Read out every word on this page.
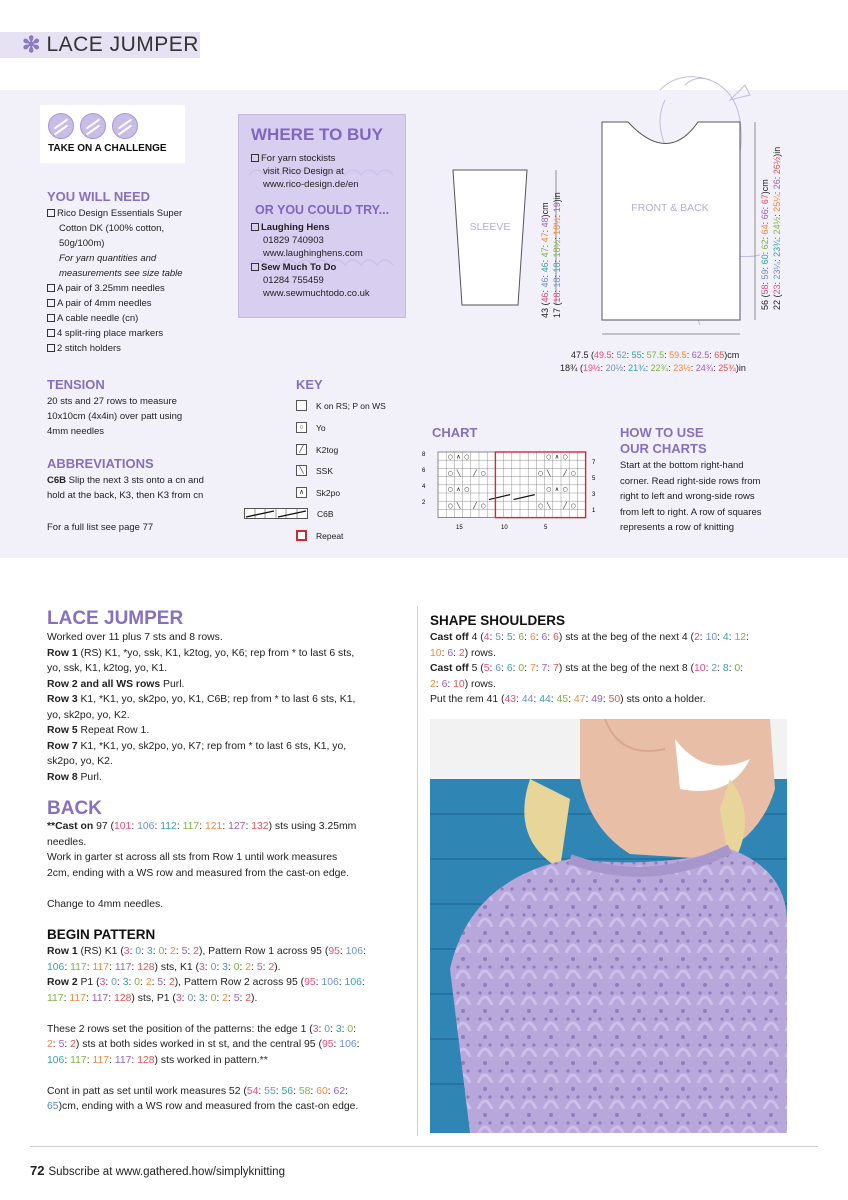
✻ LACE JUMPER
TAKE ON A CHALLENGE
YOU WILL NEED
Rico Design Essentials Super
Cotton DK (100% cotton,
50g/100m)
For yarn quantities and
measurements see size table
A pair of 3.25mm needles
A pair of 4mm needles
A cable needle (cn)
4 split-ring place markers
2 stitch holders
WHERE TO BUY
For yarn stockists
visit Rico Design at
www.rico-design.de/en
OR YOU COULD TRY...
Laughing Hens
01829 740903
www.laughinghens.com
Sew Much To Do
01284 755459
www.sewmuchtodo.co.uk
SLEEVE
FRONT & BACK
43 (46: 46: 46: 47: 47: 48)cm
17 (18: 18: 18: 18½: 18½: 19)in
56 (58: 59: 60: 62: 64: 66: 67)cm
22 (23: 23¼: 23¾: 24½: 25¼: 26: 26½)in
47.5 (49.5: 52: 55: 57.5: 59.5: 62.5: 65)cm
18¾ (19½: 20½: 21¾: 22¾: 23½: 24¾: 25¾)in
TENSION
20 sts and 27 rows to measure
10x10cm (4x4in) over patt using
4mm needles
ABBREVIATIONS
C6B Slip the next 3 sts onto a cn and
hold at the back, K3, then K3 from cn
For a full list see page 77
KEY
K on RS; P on WS
○	Yo
╱	K2tog
╲	SSK
∧	Sk2po
C6B
Repeat
CHART
○ ∧ ○	○ ∧ ○
○ ╲ ╱ ○	○ ╲ ╱ ○
○ ∧ ○	○ ∧ ○
○ ╲ ╱ ○	○ ╲ ╱ ○
8
6
4
2
7
5
3
1
15	10	5
HOW TO USE
OUR CHARTS
Start at the bottom right-hand
corner. Read right-side rows from
right to left and wrong-side rows
from left to right. A row of squares
represents a row of knitting
LACE JUMPER
Worked over 11 plus 7 sts and 8 rows.
Row 1 (RS) K1, *yo, ssk, K1, k2tog, yo, K6; rep from * to last 6 sts,
yo, ssk, K1, k2tog, yo, K1.
Row 2 and all WS rows Purl.
Row 3 K1, *K1, yo, sk2po, yo, K1, C6B; rep from * to last 6 sts, K1,
yo, sk2po, yo, K2.
Row 5 Repeat Row 1.
Row 7 K1, *K1, yo, sk2po, yo, K7; rep from * to last 6 sts, K1, yo,
sk2po, yo, K2.
Row 8 Purl.
BACK
**Cast on 97 (101: 106: 112: 117: 121: 127: 132) sts using 3.25mm
needles.
Work in garter st across all sts from Row 1 until work measures
2cm, ending with a WS row and measured from the cast-on edge.
Change to 4mm needles.
BEGIN PATTERN
Row 1 (RS) K1 (3: 0: 3: 0: 2: 5: 2), Pattern Row 1 across 95 (95: 106:
106: 117: 117: 117: 128) sts, K1 (3: 0: 3: 0: 2: 5: 2).
Row 2 P1 (3: 0: 3: 0: 2: 5: 2), Pattern Row 2 across 95 (95: 106: 106:
117: 117: 117: 128) sts, P1 (3: 0: 3: 0: 2: 5: 2).
These 2 rows set the position of the patterns: the edge 1 (3: 0: 3: 0:
2: 5: 2) sts at both sides worked in st st, and the central 95 (95: 106:
106: 117: 117: 117: 128) sts worked in pattern.**
Cont in patt as set until work measures 52 (54: 55: 56: 58: 60: 62:
65)cm, ending with a WS row and measured from the cast-on edge.
SHAPE SHOULDERS
Cast off 4 (4: 5: 5: 6: 6: 6: 6) sts at the beg of the next 4 (2: 10: 4: 12:
10: 6: 2) rows.
Cast off 5 (5: 6: 6: 0: 7: 7: 7) sts at the beg of the next 8 (10: 2: 8: 0:
2: 6: 10) rows.
Put the rem 41 (43: 44: 44: 45: 47: 49: 50) sts onto a holder.
72 Subscribe at www.gathered.how/simplyknitting
